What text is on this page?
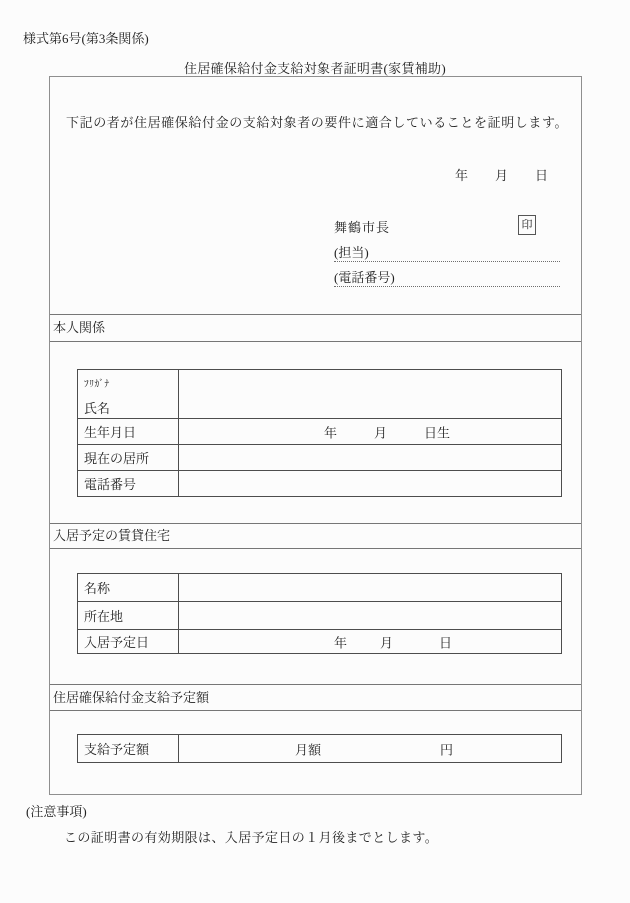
様式第6号(第3条関係)
住居確保給付金支給対象者証明書(家賃補助)
下記の者が住居確保給付金の支給対象者の要件に適合していることを証明します。
年 月 日
舞鶴市長	印
(担当)
(電話番号)
本人関係
ﾌﾘｶﾞﾅ
氏名	

生年月日	年 月 日生

現在の居所	
電話番号	
入居予定の賃貸住宅
名称	
所在地	
入居予定日	年 月 日
住居確保給付金支給予定額
支給予定額	月額	円
(注意事項)
この証明書の有効期限は、入居予定日の１月後までとします。
